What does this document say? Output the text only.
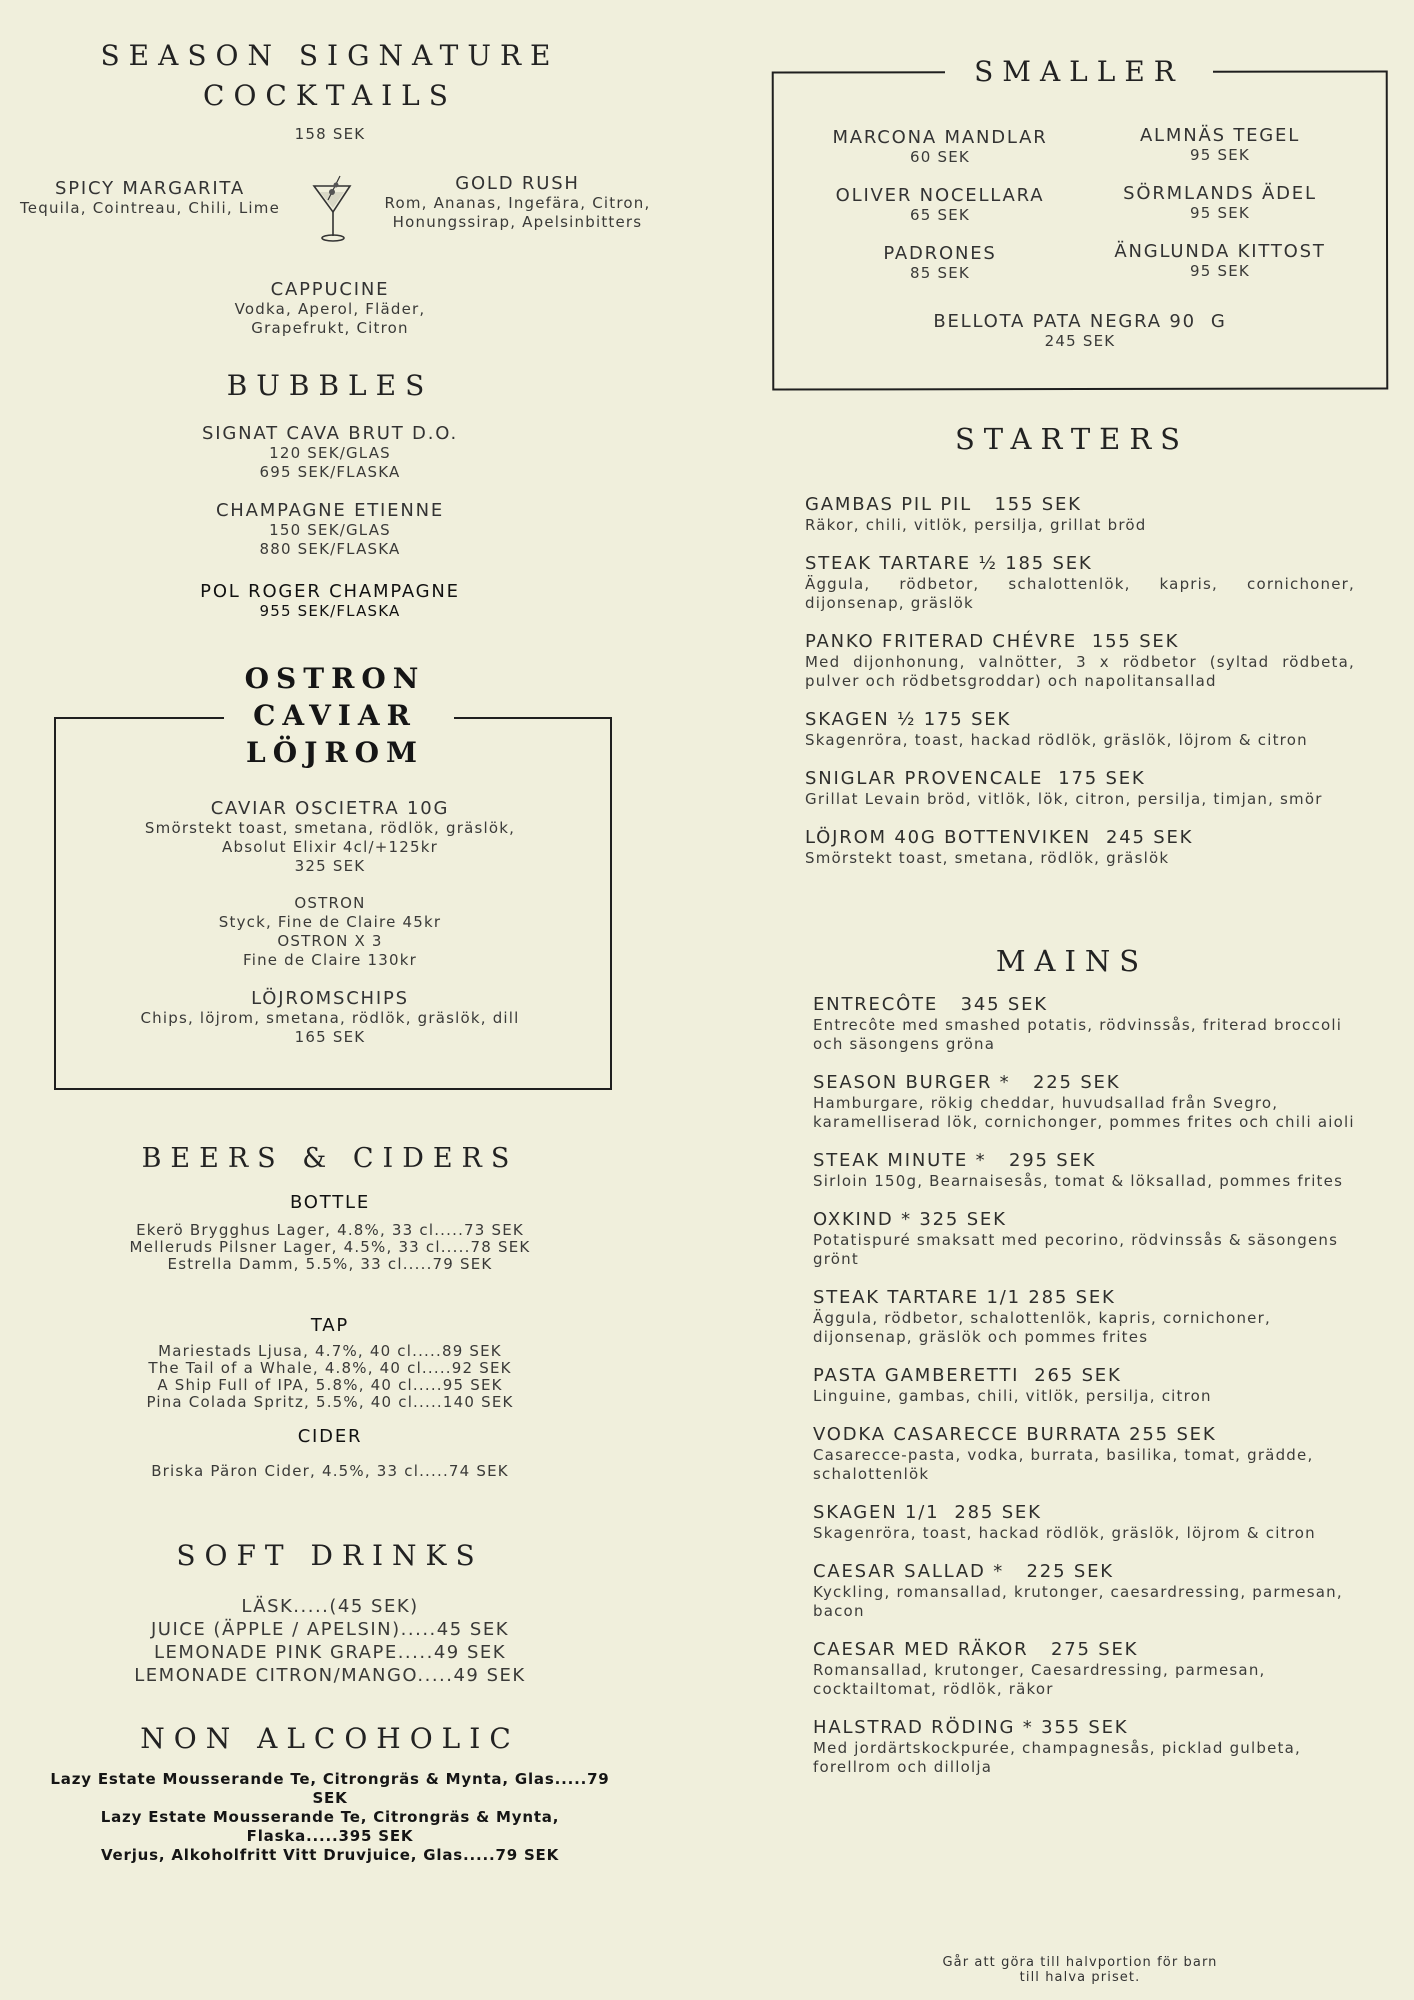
SEASON SIGNATURE
COCKTAILS
158 SEK
SPICY MARGARITA
Tequila, Cointreau, Chili, Lime
GOLD RUSH
Rom, Ananas, Ingefära, Citron,
Honungssirap, Apelsinbitters
CAPPUCINE
Vodka, Aperol, Fläder,
Grapefrukt, Citron
BUBBLES
SIGNAT CAVA BRUT D.O.
120 SEK/GLAS
695 SEK/FLASKA
CHAMPAGNE ETIENNE
150 SEK/GLAS
880 SEK/FLASKA
POL ROGER CHAMPAGNE
955 SEK/FLASKA
OSTRON
CAVIAR
LÖJROM
CAVIAR OSCIETRA 10G
Smörstekt toast, smetana, rödlök, gräslök,
Absolut Elixir 4cl/+125kr
325 SEK
OSTRON
Styck, Fine de Claire 45kr
OSTRON X 3
Fine de Claire 130kr
LÖJROMSCHIPS
Chips, löjrom, smetana, rödlök, gräslök, dill
165 SEK
BEERS & CIDERS
BOTTLE
Ekerö Brygghus Lager, 4.8%, 33 cl.....73 SEK
Melleruds Pilsner Lager, 4.5%, 33 cl.....78 SEK
Estrella Damm, 5.5%, 33 cl.....79 SEK
TAP
Mariestads Ljusa, 4.7%, 40 cl.....89 SEK
The Tail of a Whale, 4.8%, 40 cl.....92 SEK
A Ship Full of IPA, 5.8%, 40 cl.....95 SEK
Pina Colada Spritz, 5.5%, 40 cl.....140 SEK
CIDER
Briska Päron Cider, 4.5%, 33 cl.....74 SEK
SOFT DRINKS
LÄSK.....(45 SEK)
JUICE (ÄPPLE / APELSIN).....45 SEK
LEMONADE PINK GRAPE.....49 SEK
LEMONADE CITRON/MANGO.....49 SEK
NON ALCOHOLIC
Lazy Estate Mousserande Te, Citrongräs & Mynta, Glas.....79 SEK
Lazy Estate Mousserande Te, Citrongräs & Mynta, Flaska.....395 SEK
Verjus, Alkoholfritt Vitt Druvjuice, Glas.....79 SEK
SMALLER
MARCONA MANDLAR
60 SEK
ALMNÄS TEGEL
95 SEK
OLIVER NOCELLARA
65 SEK
SÖRMLANDS ÄDEL
95 SEK
PADRONES
85 SEK
ÄNGLUNDA KITTOST
95 SEK
BELLOTA PATA NEGRA 90  G
245 SEK
STARTERS
GAMBAS PIL PIL   155 SEK
Räkor, chili, vitlök, persilja, grillat bröd
STEAK TARTARE ½ 185 SEK
Äggula, rödbetor, schalottenlök, kapris, cornichoner, dijonsenap, gräslök
PANKO FRITERAD CHÉVRE  155 SEK
Med dijonhonung, valnötter, 3 x rödbetor (syltad rödbeta, pulver och rödbetsgroddar) och napolitansallad
SKAGEN ½ 175 SEK
Skagenröra, toast, hackad rödlök, gräslök, löjrom & citron
SNIGLAR PROVENCALE  175 SEK
Grillat Levain bröd, vitlök, lök, citron, persilja, timjan, smör
LÖJROM 40G BOTTENVIKEN  245 SEK
Smörstekt toast, smetana, rödlök, gräslök
MAINS
ENTRECÔTE   345 SEK
Entrecôte med smashed potatis, rödvinssås, friterad broccoli och säsongens gröna
SEASON BURGER *   225 SEK
Hamburgare, rökig cheddar, huvudsallad från Svegro, karamelliserad lök, cornichonger, pommes frites och chili aioli
STEAK MINUTE *   295 SEK
Sirloin 150g, Bearnaisesås, tomat & löksallad, pommes frites
OXKIND * 325 SEK
Potatispuré smaksatt med pecorino, rödvinssås & säsongens grönt
STEAK TARTARE 1/1 285 SEK
Äggula, rödbetor, schalottenlök, kapris, cornichoner, dijonsenap, gräslök och pommes frites
PASTA GAMBERETTI  265 SEK
Linguine, gambas, chili, vitlök, persilja, citron
VODKA CASARECCE BURRATA 255 SEK
Casarecce-pasta, vodka, burrata, basilika, tomat, grädde, schalottenlök
SKAGEN 1/1  285 SEK
Skagenröra, toast, hackad rödlök, gräslök, löjrom & citron
CAESAR SALLAD *   225 SEK
Kyckling, romansallad, krutonger, caesardressing, parmesan, bacon
CAESAR MED RÄKOR   275 SEK
Romansallad, krutonger, Caesardressing, parmesan, cocktailtomat, rödlök, räkor
HALSTRAD RÖDING * 355 SEK
Med jordärtskockpurée, champagnesås, picklad gulbeta, forellrom och dillolja
Går att göra till halvportion för barn
till halva priset.
